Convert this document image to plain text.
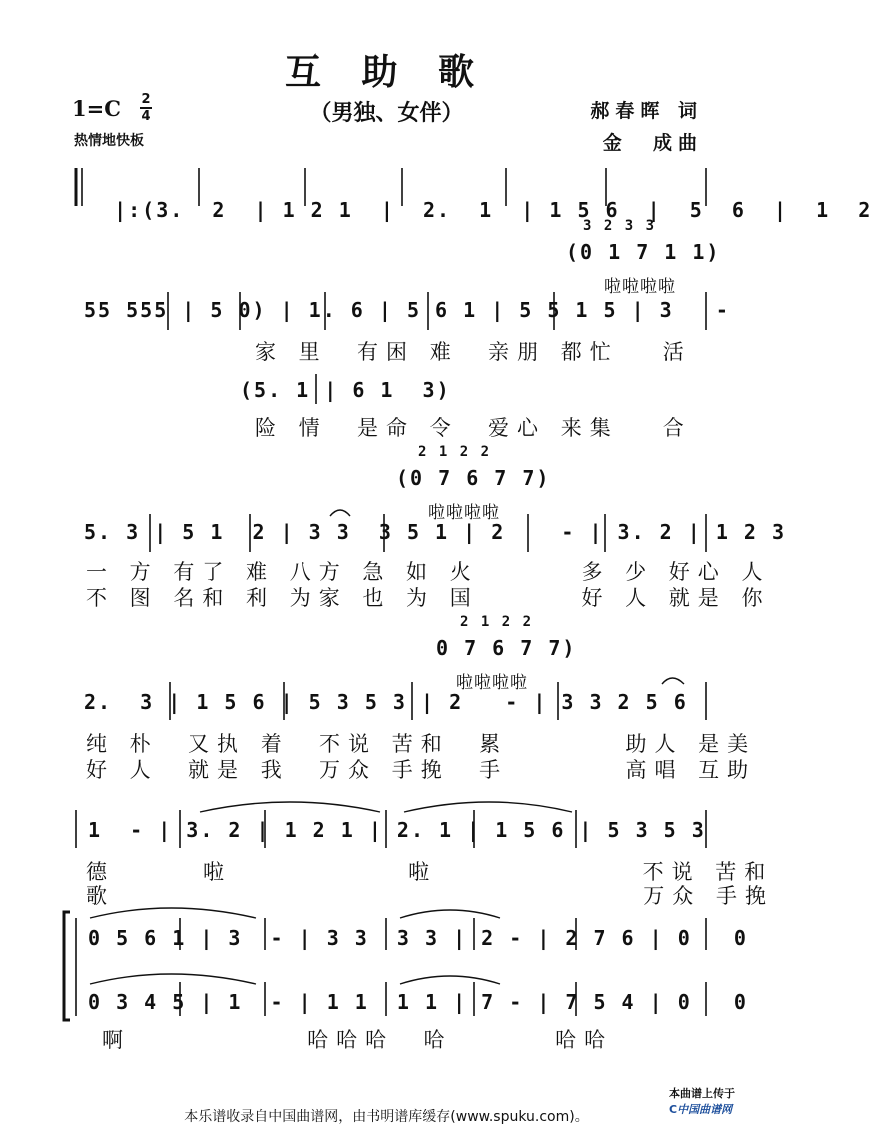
互 助 歌
（男独、女伴）
1=C 2
4
热情地快板
郝春晖 词
金  成曲

|:(3.  2  | 1 2 1  |  2.  1  | 1 5 6  |  5  6  |  1  2

3 2 3 3
(0 1 7 1 1)
啦啦啦啦
55 555 | 5 0) | 1. 6 | 5 6 1 | 5 5 1 5 | 3   -
家 里  有困 难  亲朋 都忙   活
(5. 1 | 6 1  3)
险 情  是命 令  爱心 来集   合
2 1 2 2
(0 7 6 7 7)
啦啦啦啦
5. 3 | 5 1  2 | 3 3  3 5 1 | 2    - | 3. 2 | 1 2 3
一 方 有了 难 八方 急 如 火       多 少 好心 人
不 图 名和 利 为家 也 为 国       好 人 就是 你
2 1 2 2
0 7 6 7 7)
啦啦啦啦
2.  3 | 1 5 6 | 5 3 5 3 | 2   - | 3 3 2 5 6
纯 朴  又执 着  不说 苦和  累        助人 是美
好 人  就是 我  万众 手挽  手        高唱 互助
1  - | 3. 2 | 1 2 1 | 2. 1 | 1 5 6 | 5 3 5 3
德      啦            啦              不说 苦和
歌                                    万众 手挽
0 5 6 1 | 3  - | 3 3  3 3 | 2 - | 2 7 6 | 0   0
0 3 4 5 | 1  - | 1 1  1 1 | 7 - | 7 5 4 | 0   0
啊            哈哈哈  哈       哈哈

本曲谱上传于
C中国曲谱网

本乐谱收录自中国曲谱网，由书明谱库缓存(www.spuku.com)。
